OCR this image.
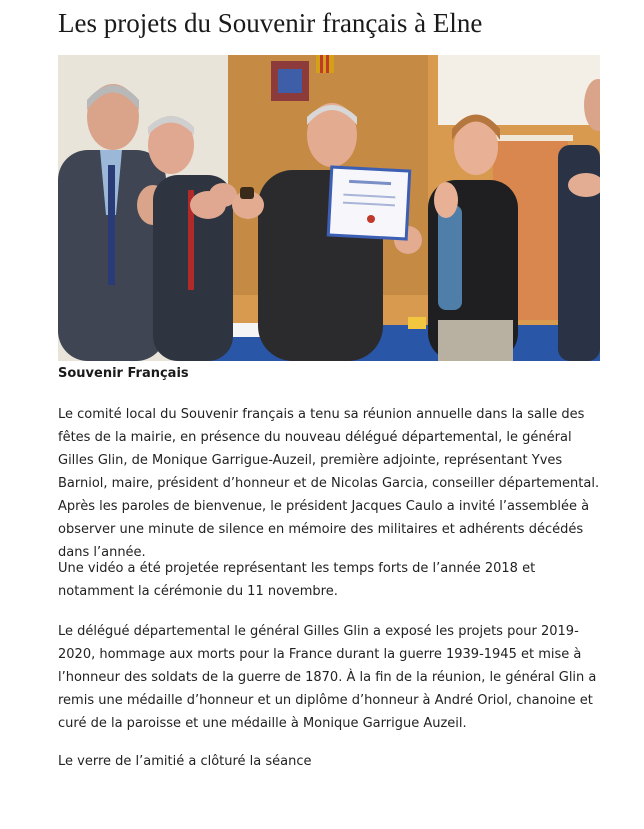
Les projets du Souvenir français à Elne
Souvenir Français

Le comité local du Souvenir français a tenu sa réunion annuelle dans la salle des fêtes de la mairie, en présence du nouveau délégué départemental, le général Gilles Glin, de Monique Garrigue-Auzeil, première adjointe, représentant Yves Barniol, maire, président d’honneur et de Nicolas Garcia, conseiller départemental. Après les paroles de bienvenue, le président Jacques Caulo a invité l’assemblée à observer une minute de silence en mémoire des militaires et adhérents décédés dans l’année.

Une vidéo a été projetée représentant les temps forts de l’année 2018 et notamment la cérémonie du 11 novembre.

Le délégué départemental le général Gilles Glin a exposé les projets pour 2019-2020, hommage aux morts pour la France durant la guerre 1939-1945 et mise à l’honneur des soldats de la guerre de 1870. À la fin de la réunion, le général Glin a remis une médaille d’honneur et un diplôme d’honneur à André Oriol, chanoine et curé de la paroisse et une médaille à Monique Garrigue Auzeil.

Le verre de l’amitié a clôturé la séance
